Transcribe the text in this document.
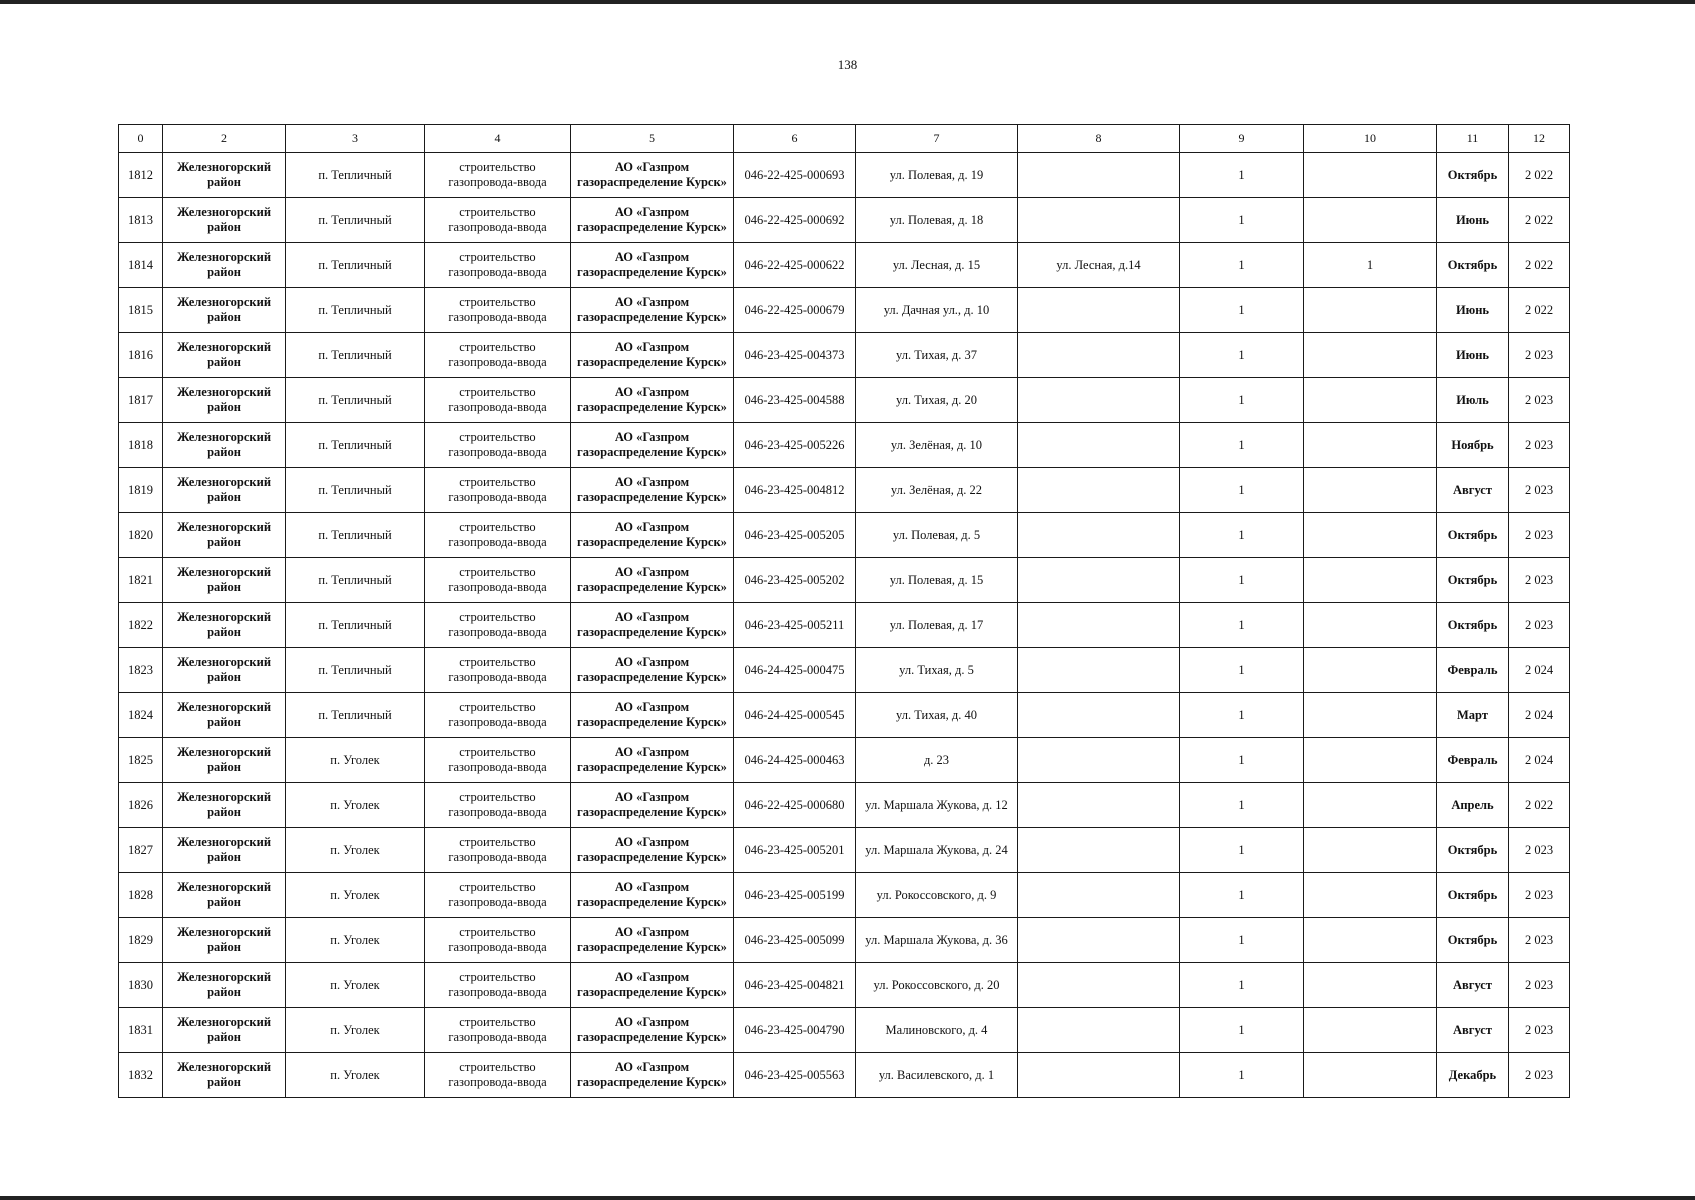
138
0	2	3	4	5	6	7	8	9	10	11	12
1812	Железногорский
район	п. Тепличный	строительство
газопровода-ввода	АО «Газпром
газораспределение Курск»	046-22-425-000693	ул. Полевая, д. 19		1		Октябрь	2 022
1813	Железногорский
район	п. Тепличный	строительство
газопровода-ввода	АО «Газпром
газораспределение Курск»	046-22-425-000692	ул. Полевая, д. 18		1		Июнь	2 022
1814	Железногорский
район	п. Тепличный	строительство
газопровода-ввода	АО «Газпром
газораспределение Курск»	046-22-425-000622	ул. Лесная, д. 15	ул. Лесная, д.14	1	1	Октябрь	2 022
1815	Железногорский
район	п. Тепличный	строительство
газопровода-ввода	АО «Газпром
газораспределение Курск»	046-22-425-000679	ул. Дачная ул., д. 10		1		Июнь	2 022
1816	Железногорский
район	п. Тепличный	строительство
газопровода-ввода	АО «Газпром
газораспределение Курск»	046-23-425-004373	ул. Тихая, д. 37		1		Июнь	2 023
1817	Железногорский
район	п. Тепличный	строительство
газопровода-ввода	АО «Газпром
газораспределение Курск»	046-23-425-004588	ул. Тихая, д. 20		1		Июль	2 023
1818	Железногорский
район	п. Тепличный	строительство
газопровода-ввода	АО «Газпром
газораспределение Курск»	046-23-425-005226	ул. Зелёная, д. 10		1		Ноябрь	2 023
1819	Железногорский
район	п. Тепличный	строительство
газопровода-ввода	АО «Газпром
газораспределение Курск»	046-23-425-004812	ул. Зелёная, д. 22		1		Август	2 023
1820	Железногорский
район	п. Тепличный	строительство
газопровода-ввода	АО «Газпром
газораспределение Курск»	046-23-425-005205	ул. Полевая, д. 5		1		Октябрь	2 023
1821	Железногорский
район	п. Тепличный	строительство
газопровода-ввода	АО «Газпром
газораспределение Курск»	046-23-425-005202	ул. Полевая, д. 15		1		Октябрь	2 023
1822	Железногорский
район	п. Тепличный	строительство
газопровода-ввода	АО «Газпром
газораспределение Курск»	046-23-425-005211	ул. Полевая, д. 17		1		Октябрь	2 023
1823	Железногорский
район	п. Тепличный	строительство
газопровода-ввода	АО «Газпром
газораспределение Курск»	046-24-425-000475	ул. Тихая, д. 5		1		Февраль	2 024
1824	Железногорский
район	п. Тепличный	строительство
газопровода-ввода	АО «Газпром
газораспределение Курск»	046-24-425-000545	ул. Тихая, д. 40		1		Март	2 024
1825	Железногорский
район	п. Уголек	строительство
газопровода-ввода	АО «Газпром
газораспределение Курск»	046-24-425-000463	д. 23		1		Февраль	2 024
1826	Железногорский
район	п. Уголек	строительство
газопровода-ввода	АО «Газпром
газораспределение Курск»	046-22-425-000680	ул. Маршала Жукова, д. 12		1		Апрель	2 022
1827	Железногорский
район	п. Уголек	строительство
газопровода-ввода	АО «Газпром
газораспределение Курск»	046-23-425-005201	ул. Маршала Жукова, д. 24		1		Октябрь	2 023
1828	Железногорский
район	п. Уголек	строительство
газопровода-ввода	АО «Газпром
газораспределение Курск»	046-23-425-005199	ул. Рокоссовского, д. 9		1		Октябрь	2 023
1829	Железногорский
район	п. Уголек	строительство
газопровода-ввода	АО «Газпром
газораспределение Курск»	046-23-425-005099	ул. Маршала Жукова, д. 36		1		Октябрь	2 023
1830	Железногорский
район	п. Уголек	строительство
газопровода-ввода	АО «Газпром
газораспределение Курск»	046-23-425-004821	ул. Рокоссовского, д. 20		1		Август	2 023
1831	Железногорский
район	п. Уголек	строительство
газопровода-ввода	АО «Газпром
газораспределение Курск»	046-23-425-004790	Малиновского, д. 4		1		Август	2 023
1832	Железногорский
район	п. Уголек	строительство
газопровода-ввода	АО «Газпром
газораспределение Курск»	046-23-425-005563	ул. Василевского, д. 1		1		Декабрь	2 023
